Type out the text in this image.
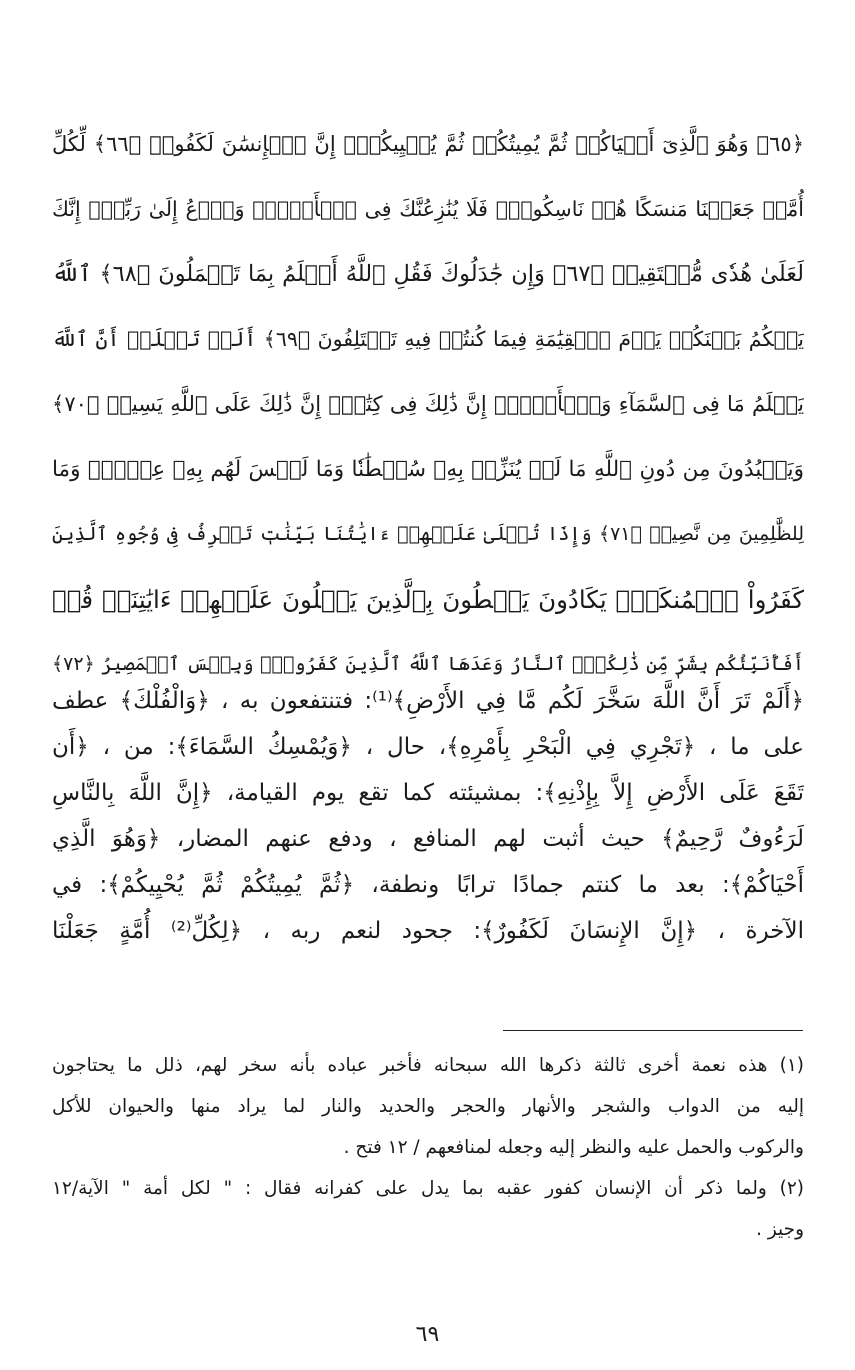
﴿٦٥﴾ وَهُوَ ٱلَّذِىٓ أَحۡيَاكُمۡ ثُمَّ يُمِيتُكُمۡ ثُمَّ يُحۡيِيكُمۡۗ إِنَّ ٱلۡإِنسَٰنَ لَكَفُورٞ ﴿٦٦﴾ لِّكُلِّ
أُمَّةٖ جَعَلۡنَا مَنسَكًا هُمۡ نَاسِكُوهُۖ فَلَا يُنَٰزِعُنَّكَ فِى ٱلۡأَمۡرِۚ وَٱدۡعُ إِلَىٰ رَبِّكَۖ إِنَّكَ
لَعَلَىٰ هُدٗى مُّسۡتَقِيمٖ ﴿٦٧﴾ وَإِن جَٰدَلُوكَ فَقُلِ ٱللَّهُ أَعۡلَمُ بِمَا تَعۡمَلُونَ ﴿٦٨﴾ ٱللَّهُ
يَحۡكُمُ بَيۡنَكُمۡ يَوۡمَ ٱلۡقِيَٰمَةِ فِيمَا كُنتُمۡ فِيهِ تَخۡتَلِفُونَ ﴿٦٩﴾ أَلَمۡ تَعۡلَمۡ أَنَّ ٱللَّهَ
يَعۡلَمُ مَا فِى ٱلسَّمَآءِ وَٱلۡأَرۡضِۚ إِنَّ ذَٰلِكَ فِى كِتَٰبٍۚ إِنَّ ذَٰلِكَ عَلَى ٱللَّهِ يَسِيرٞ ﴿٧٠﴾
وَيَعۡبُدُونَ مِن دُونِ ٱللَّهِ مَا لَمۡ يُنَزِّلۡ بِهِۦ سُلۡطَٰنٗا وَمَا لَيۡسَ لَهُم بِهِۦ عِلۡمٞۗ وَمَا
لِلظَّٰلِمِينَ مِن نَّصِيرٖ ﴿٧١﴾ وَإِذَا تُتۡلَىٰ عَلَيۡهِمۡ ءَايَٰتُنَا بَيِّنَٰتٖ تَعۡرِفُ فِى وُجُوهِ ٱلَّذِينَ
كَفَرُواْ ٱلۡمُنكَرَۖ يَكَادُونَ يَسۡطُونَ بِٱلَّذِينَ يَتۡلُونَ عَلَيۡهِمۡ ءَايَٰتِنَاۗ قُلۡ
أَفَأُنَبِّئُكُم بِشَرّٖ مِّن ذَٰلِكُمُۚ ٱلنَّارُ وَعَدَهَا ٱللَّهُ ٱلَّذِينَ كَفَرُواْۖ وَبِئۡسَ ٱلۡمَصِيرُ ﴿٧٢﴾
﴿أَلَمْ تَرَ أَنَّ اللَّهَ سَخَّرَ لَكُم مَّا فِي الأَرْضِ﴾⁽¹⁾: فتنتفعون به ، ﴿وَالْفُلْكَ﴾ عطف
على ما ، ﴿تَجْرِي فِي الْبَحْرِ بِأَمْرِهِ﴾، حال ، ﴿وَيُمْسِكُ السَّمَاءَ﴾: من ، ﴿أَن
تَقَعَ عَلَى الأَرْضِ إِلاَّ بِإِذْنِهِ﴾: بمشيئته كما تقع يوم القيامة، ﴿إِنَّ اللَّهَ بِالنَّاسِ
لَرَءُوفٌ رَّحِيمٌ﴾ حيث أثبت لهم المنافع ، ودفع عنهم المضار، ﴿وَهُوَ الَّذِي
أَحْيَاكُمْ﴾: بعد ما كنتم جمادًا ترابًا ونطفة، ﴿ثُمَّ يُمِيتُكُمْ ثُمَّ يُحْيِيكُمْ﴾: في
الآخرة ، ﴿إِنَّ الإِنسَانَ لَكَفُورٌ﴾: جحود لنعم ربه ، ﴿لِكُلِّ⁽²⁾ أُمَّةٍ جَعَلْنَا
(١) هذه نعمة أخرى ثالثة ذكرها الله سبحانه فأخبر عباده بأنه سخر لهم، ذلل ما يحتاجون
إليه من الدواب والشجر والأنهار والحجر والحديد والنار لما يراد منها والحيوان للأكل
والركوب والحمل عليه والنظر إليه وجعله لمنافعهم / ١٢ فتح .
(٢) ولما ذكر أن الإنسان كفور عقبه بما يدل على كفرانه فقال : " لكل أمة " الآية/١٢
وجيز .
٦٩
